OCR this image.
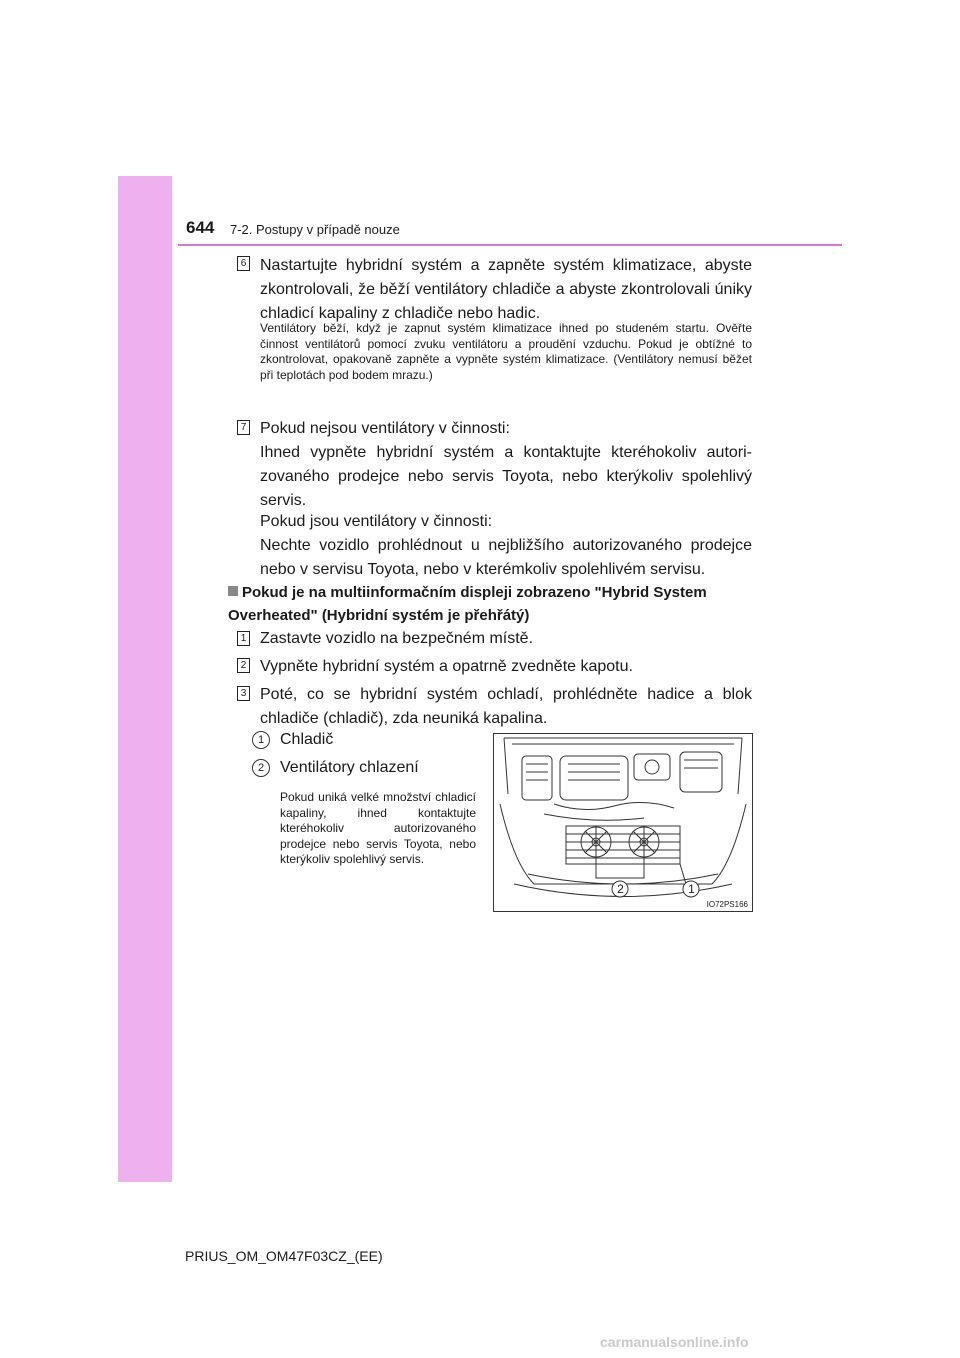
644 7-2. Postupy v případě nouze
6 Nastartujte hybridní systém a zapněte systém klimatizace, abyste zkontrolovali, že běží ventilátory chladiče a abyste zkontrolovali úniky chladicí kapaliny z chladiče nebo hadic.
Ventilátory běží, když je zapnut systém klimatizace ihned po studeném startu. Ověřte činnost ventilátorů pomocí zvuku ventilátoru a proudění vzduchu. Pokud je obtížné to zkontrolovat, opakovaně zapněte a vypněte systém klimatizace. (Ventilátory nemusí běžet při teplotách pod bodem mrazu.)
7 Pokud nejsou ventilátory v činnosti:
Ihned vypněte hybridní systém a kontaktujte kteréhokoliv autorizovaného prodejce nebo servis Toyota, nebo kterýkoliv spolehlivý servis.
Pokud jsou ventilátory v činnosti:
Nechte vozidlo prohlédnout u nejbližšího autorizovaného prodejce nebo v servisu Toyota, nebo v kterémkoliv spolehlivém servisu.
Pokud je na multiinformačním displeji zobrazeno "Hybrid System Overheated" (Hybridní systém je přehřátý)
1 Zastavte vozidlo na bezpečném místě.
2 Vypněte hybridní systém a opatrně zvedněte kapotu.
3 Poté, co se hybridní systém ochladí, prohlédněte hadice a blok chladiče (chladič), zda neuniká kapalina.
1 Chladič
2 Ventilátory chlazení
Pokud uniká velké množství chladicí kapaliny, ihned kontaktujte kteréhokoliv autorizovaného prodejce nebo servis Toyota, nebo kterýkoliv spolehlivý servis.
2	1
IO72PS166
PRIUS_OM_OM47F03CZ_(EE)
carmanualsonline.info
